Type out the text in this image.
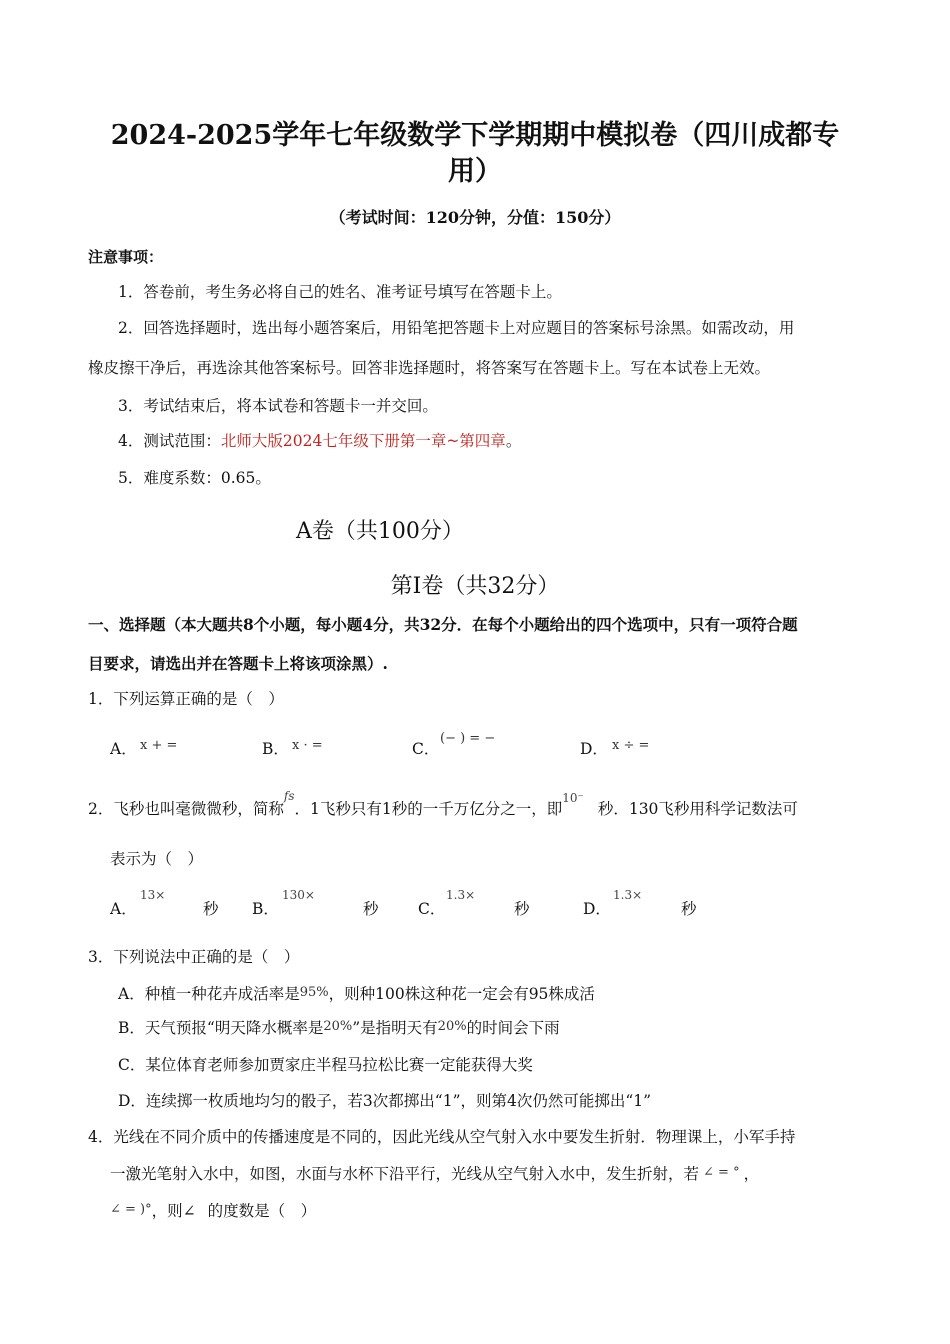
2024-2025学年七年级数学下学期期中模拟卷（四川成都专
用）
（考试时间：120分钟，分值：150分）
注意事项：
1．答卷前，考生务必将自己的姓名、准考证号填写在答题卡上。
2．回答选择题时，选出每小题答案后，用铅笔把答题卡上对应题目的答案标号涂黑。如需改动，用
橡皮擦干净后，再选涂其他答案标号。回答非选择题时，将答案写在答题卡上。写在本试卷上无效。
3．考试结束后，将本试卷和答题卡一并交回。
4．测试范围：北师大版2024七年级下册第一章~第四章。
5．难度系数：0.65。
A卷（共100分）
第Ⅰ卷（共32分）
一、选择题（本大题共8个小题，每小题4分，共32分．在每个小题给出的四个选项中，只有一项符合题
目要求，请选出并在答题卡上将该项涂黑）.
1．下列运算正确的是（　）
A． x + =	B． x · =	C．
(− ) = −
D． x ÷ =
2．飞秒也叫毫微微秒，简称$^{fs}$．1飞秒只有1秒的一千万亿分之一，即$^{10^-}$秒．130飞秒用科学记数法可
表示为（　）
A．
13×
秒 B．
130×
秒	C．
1.3×
秒	D．
1.3×
秒
3．下列说法中正确的是（　）
A．种植一种花卉成活率是95%，则种100株这种花一定会有95株成活
B．天气预报“明天降水概率是20%”是指明天有20%的时间会下雨
C．某位体育老师参加贾家庄半程马拉松比赛一定能获得大奖
D．连续掷一枚质地均匀的骰子，若3次都掷出“1”，则第4次仍然可能掷出“1”
4．光线在不同介质中的传播速度是不同的，因此光线从空气射入水中要发生折射．物理课上，小军手持
一激光笔射入水中，如图，水面与水杯下沿平行，光线从空气射入水中，发生折射，若 ∠ = ° ，
∠ = )°，则∠ 的度数是（　）
